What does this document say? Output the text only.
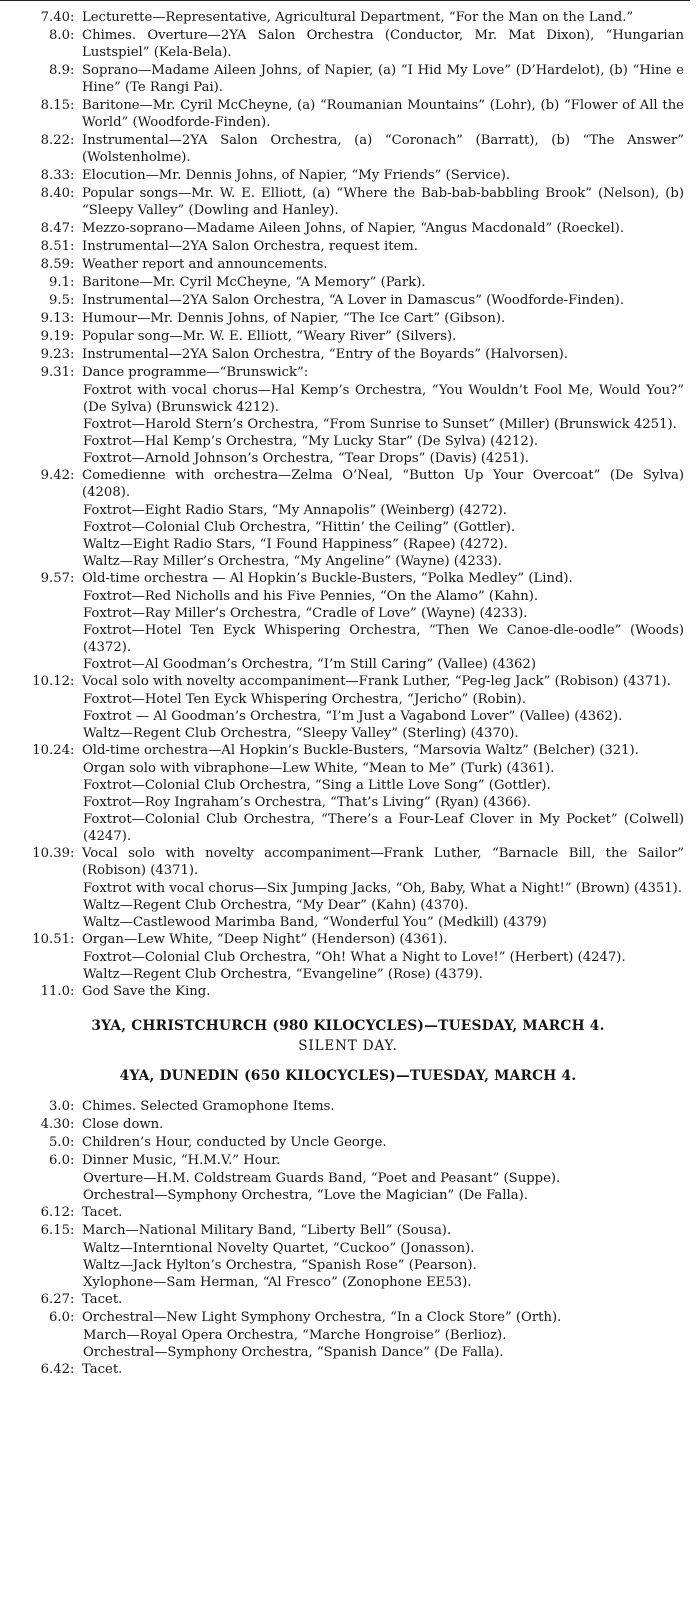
7.40 : Lecturette—Representative, Agricultural Department, “For the Man on the Land.”
8.0 : Chimes. Overture—2YA Salon Orchestra (Conductor, Mr. Mat Dixon), “Hungarian Lustspiel” (Kela-Bela).
8.9 : Soprano—Madame Aileen Johns, of Napier, (a) “I Hid My Love” (D’Hardelot), (b) “Hine e Hine” (Te Rangi Pai).
8.15 : Baritone—Mr. Cyril McCheyne, (a) “Roumanian Mountains” (Lohr), (b) “Flower of All the World” (Woodforde-Finden).
8.22 : Instrumental—2YA Salon Orchestra, (a) “Coronach” (Barratt), (b) “The Answer” (Wolstenholme).
8.33 : Elocution—Mr. Dennis Johns, of Napier, “My Friends” (Service).
8.40 : Popular songs—Mr. W. E. Elliott, (a) “Where the Bab-bab-babbling Brook” (Nelson), (b) “Sleepy Valley” (Dowling and Hanley).
8.47 : Mezzo-soprano—Madame Aileen Johns, of Napier, “Angus Macdonald” (Roeckel).
8.51 : Instrumental—2YA Salon Orchestra, request item.
8.59 : Weather report and announcements.
9.1 : Baritone—Mr. Cyril McCheyne, “A Memory” (Park).
9.5 : Instrumental—2YA Salon Orchestra, “A Lover in Damascus” (Woodforde-Finden).
9.13 : Humour—Mr. Dennis Johns, of Napier, “The Ice Cart” (Gibson).
9.19 : Popular song—Mr. W. E. Elliott, “Weary River” (Silvers).
9.23 : Instrumental—2YA Salon Orchestra, “Entry of the Boyards” (Halvorsen).
9.31 : Dance programme—“Brunswick”:
Foxtrot with vocal chorus—Hal Kemp’s Orchestra, “You Wouldn’t Fool Me, Would You?” (De Sylva) (Brunswick 4212).
Foxtrot—Harold Stern’s Orchestra, “From Sunrise to Sunset” (Miller) (Brunswick 4251).
Foxtrot—Hal Kemp’s Orchestra, “My Lucky Star” (De Sylva) (4212).
Foxtrot—Arnold Johnson’s Orchestra, “Tear Drops” (Davis) (4251).
9.42 : Comedienne with orchestra—Zelma O’Neal, “Button Up Your Overcoat” (De Sylva) (4208).
Foxtrot—Eight Radio Stars, “My Annapolis” (Weinberg) (4272).
Foxtrot—Colonial Club Orchestra, “Hittin’ the Ceiling” (Gottler).
Waltz—Eight Radio Stars, “I Found Happiness” (Rapee) (4272).
Waltz—Ray Miller’s Orchestra, “My Angeline” (Wayne) (4233).
9.57 : Old-time orchestra — Al Hopkin’s Buckle-Busters, “Polka Medley” (Lind).
Foxtrot—Red Nicholls and his Five Pennies, “On the Alamo” (Kahn).
Foxtrot—Ray Miller’s Orchestra, “Cradle of Love” (Wayne) (4233).
Foxtrot—Hotel Ten Eyck Whispering Orchestra, “Then We Canoe-dle-oodle” (Woods) (4372).
Foxtrot—Al Goodman’s Orchestra, “I’m Still Caring” (Vallee) (4362)
10.12 : Vocal solo with novelty accompaniment—Frank Luther, “Peg-leg Jack” (Robison) (4371).
Foxtrot—Hotel Ten Eyck Whispering Orchestra, “Jericho” (Robin).
Foxtrot — Al Goodman’s Orchestra, “I’m Just a Vagabond Lover” (Vallee) (4362).
Waltz—Regent Club Orchestra, “Sleepy Valley” (Sterling) (4370).
10.24 : Old-time orchestra—Al Hopkin’s Buckle-Busters, “Marsovia Waltz” (Belcher) (321).
Organ solo with vibraphone—Lew White, “Mean to Me” (Turk) (4361).
Foxtrot—Colonial Club Orchestra, “Sing a Little Love Song” (Gottler).
Foxtrot—Roy Ingraham’s Orchestra, “That’s Living” (Ryan) (4366).
Foxtrot—Colonial Club Orchestra, “There’s a Four-Leaf Clover in My Pocket” (Colwell) (4247).
10.39 : Vocal solo with novelty accompaniment—Frank Luther, “Barnacle Bill, the Sailor” (Robison) (4371).
Foxtrot with vocal chorus—Six Jumping Jacks, “Oh, Baby, What a Night!” (Brown) (4351).
Waltz—Regent Club Orchestra, “My Dear” (Kahn) (4370).
Waltz—Castlewood Marimba Band, “Wonderful You” (Medkill) (4379)
10.51 : Organ—Lew White, “Deep Night” (Henderson) (4361).
Foxtrot—Colonial Club Orchestra, “Oh! What a Night to Love!” (Herbert) (4247).
Waltz—Regent Club Orchestra, “Evangeline” (Rose) (4379).
11.0 : God Save the King.
3YA, CHRISTCHURCH (980 KILOCYCLES)—TUESDAY, MARCH 4.
SILENT DAY.
4YA, DUNEDIN (650 KILOCYCLES)—TUESDAY, MARCH 4.
3.0 : Chimes. Selected Gramophone Items.
4.30 : Close down.
5.0 : Children’s Hour, conducted by Uncle George.
6.0 : Dinner Music, “H.M.V.” Hour.
Overture—H.M. Coldstream Guards Band, “Poet and Peasant” (Suppe).
Orchestral—Symphony Orchestra, “Love the Magician” (De Falla).
6.12 : Tacet.
6.15 : March—National Military Band, “Liberty Bell” (Sousa).
Waltz—Interntional Novelty Quartet, “Cuckoo” (Jonasson).
Waltz—Jack Hylton’s Orchestra, “Spanish Rose” (Pearson).
Xylophone—Sam Herman, “Al Fresco” (Zonophone EE53).
6.27 : Tacet.
6.0 : Orchestral—New Light Symphony Orchestra, “In a Clock Store” (Orth).
March—Royal Opera Orchestra, “Marche Hongroise” (Berlioz).
Orchestral—Symphony Orchestra, “Spanish Dance” (De Falla).
6.42 : Tacet.
